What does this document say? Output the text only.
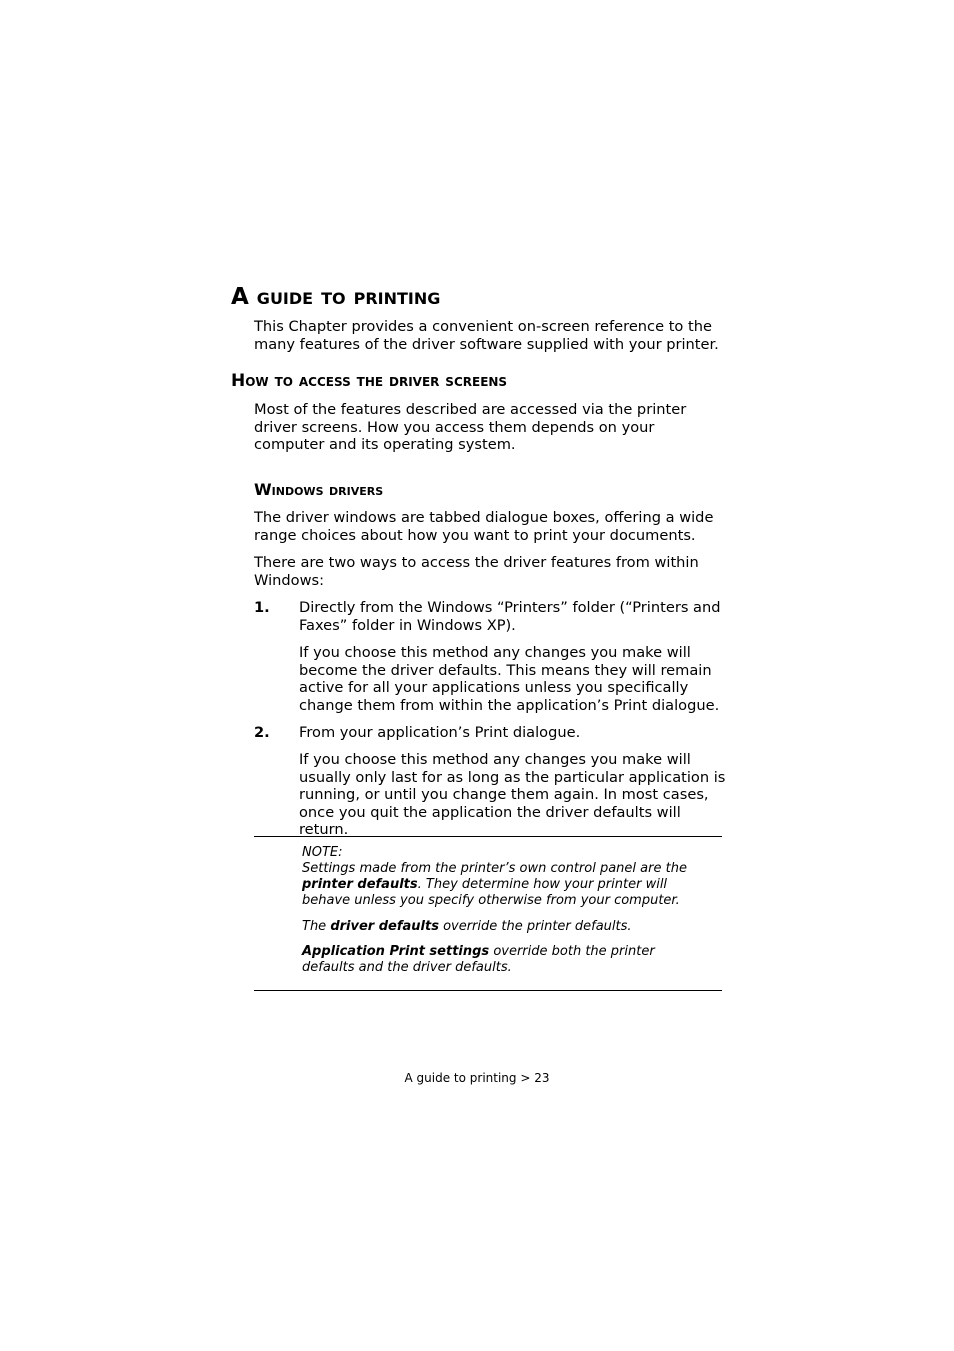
A guide to printing

This Chapter provides a convenient on-screen reference to the many features of the driver software supplied with your printer.

How to access the driver screens

Most of the features described are accessed via the printer driver screens. How you access them depends on your computer and its operating system.

Windows drivers

The driver windows are tabbed dialogue boxes, offering a wide range choices about how you want to print your documents.

There are two ways to access the driver features from within Windows:

1. Directly from the Windows “Printers” folder (“Printers and Faxes” folder in Windows XP).

If you choose this method any changes you make will become the driver defaults. This means they will remain active for all your applications unless you specifically change them from within the application’s Print dialogue.

2. From your application’s Print dialogue.

If you choose this method any changes you make will usually only last for as long as the particular application is running, or until you change them again. In most cases, once you quit the application the driver defaults will return.

NOTE:

Settings made from the printer’s own control panel are the printer defaults. They determine how your printer will behave unless you specify otherwise from your computer.

The driver defaults override the printer defaults.

Application Print settings override both the printer defaults and the driver defaults.

A guide to printing > 23
